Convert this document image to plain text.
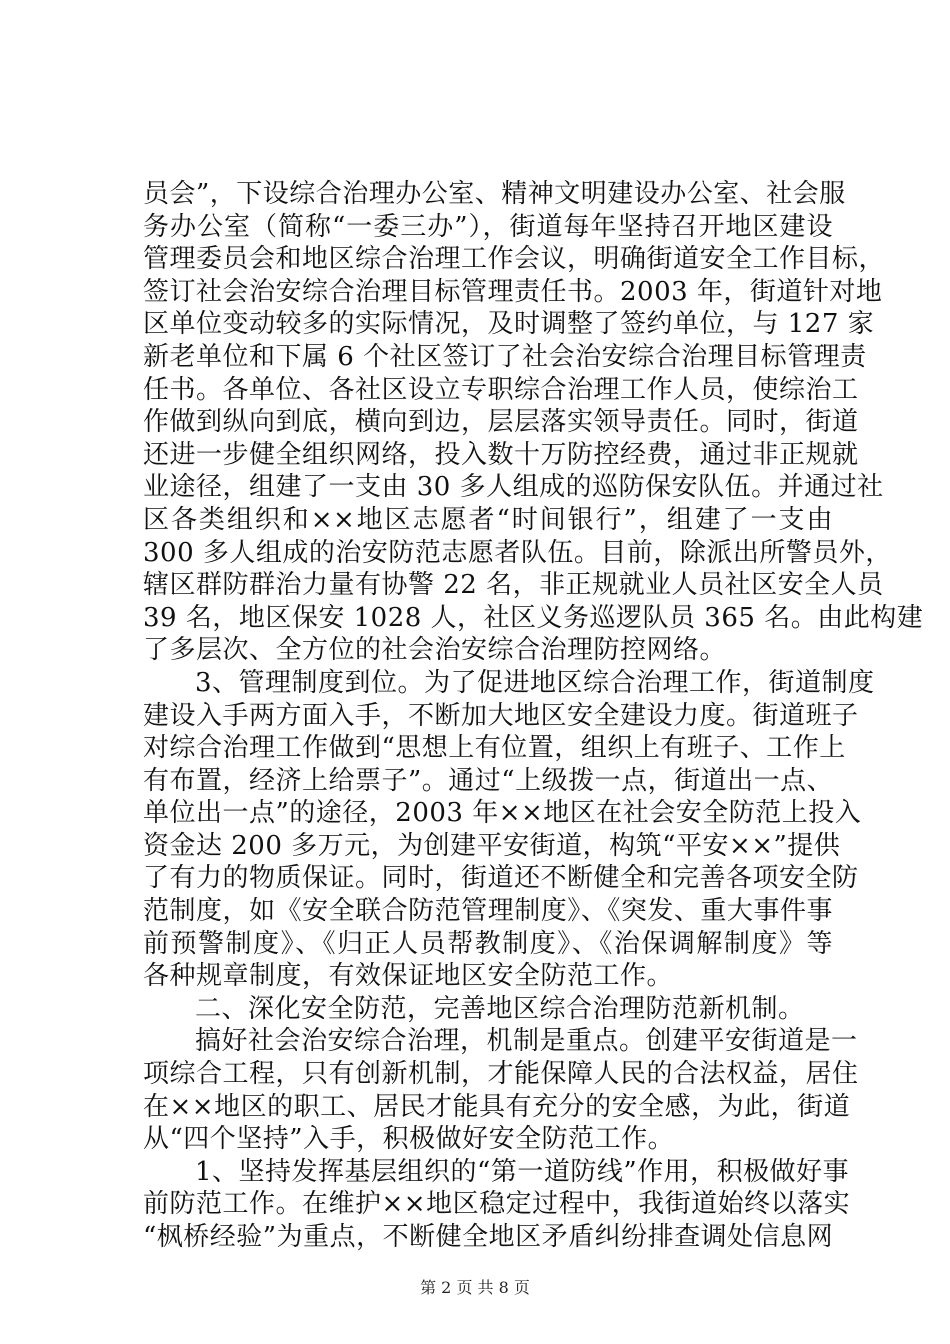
员会”，下设综合治理办公室、精神文明建设办公室、社会服
务办公室（简称“一委三办”），街道每年坚持召开地区建设
管理委员会和地区综合治理工作会议，明确街道安全工作目标，
签订社会治安综合治理目标管理责任书。2003 年，街道针对地
区单位变动较多的实际情况，及时调整了签约单位，与 127 家
新老单位和下属 6 个社区签订了社会治安综合治理目标管理责
任书。各单位、各社区设立专职综合治理工作人员，使综治工
作做到纵向到底，横向到边，层层落实领导责任。同时，街道
还进一步健全组织网络，投入数十万防控经费，通过非正规就
业途径，组建了一支由 30 多人组成的巡防保安队伍。并通过社
区各类组织和××地区志愿者“时间银行”，组建了一支由
300 多人组成的治安防范志愿者队伍。目前，除派出所警员外，
辖区群防群治力量有协警 22 名，非正规就业人员社区安全人员
39 名，地区保安 1028 人，社区义务巡逻队员 365 名。由此构建
了多层次、全方位的社会治安综合治理防控网络。
3、管理制度到位。为了促进地区综合治理工作，街道制度
建设入手两方面入手，不断加大地区安全建设力度。街道班子
对综合治理工作做到“思想上有位置，组织上有班子、工作上
有布置，经济上给票子”。通过“上级拨一点，街道出一点、
单位出一点”的途径，2003 年××地区在社会安全防范上投入
资金达 200 多万元，为创建平安街道，构筑“平安××”提供
了有力的物质保证。同时，街道还不断健全和完善各项安全防
范制度，如《安全联合防范管理制度》、《突发、重大事件事
前预警制度》、《归正人员帮教制度》、《治保调解制度》等
各种规章制度，有效保证地区安全防范工作。
二、深化安全防范，完善地区综合治理防范新机制。
搞好社会治安综合治理，机制是重点。创建平安街道是一
项综合工程，只有创新机制，才能保障人民的合法权益，居住
在××地区的职工、居民才能具有充分的安全感，为此，街道
从“四个坚持”入手，积极做好安全防范工作。
1、坚持发挥基层组织的“第一道防线”作用，积极做好事
前防范工作。在维护××地区稳定过程中，我街道始终以落实
“枫桥经验”为重点，不断健全地区矛盾纠纷排查调处信息网
第 2 页 共 8 页
